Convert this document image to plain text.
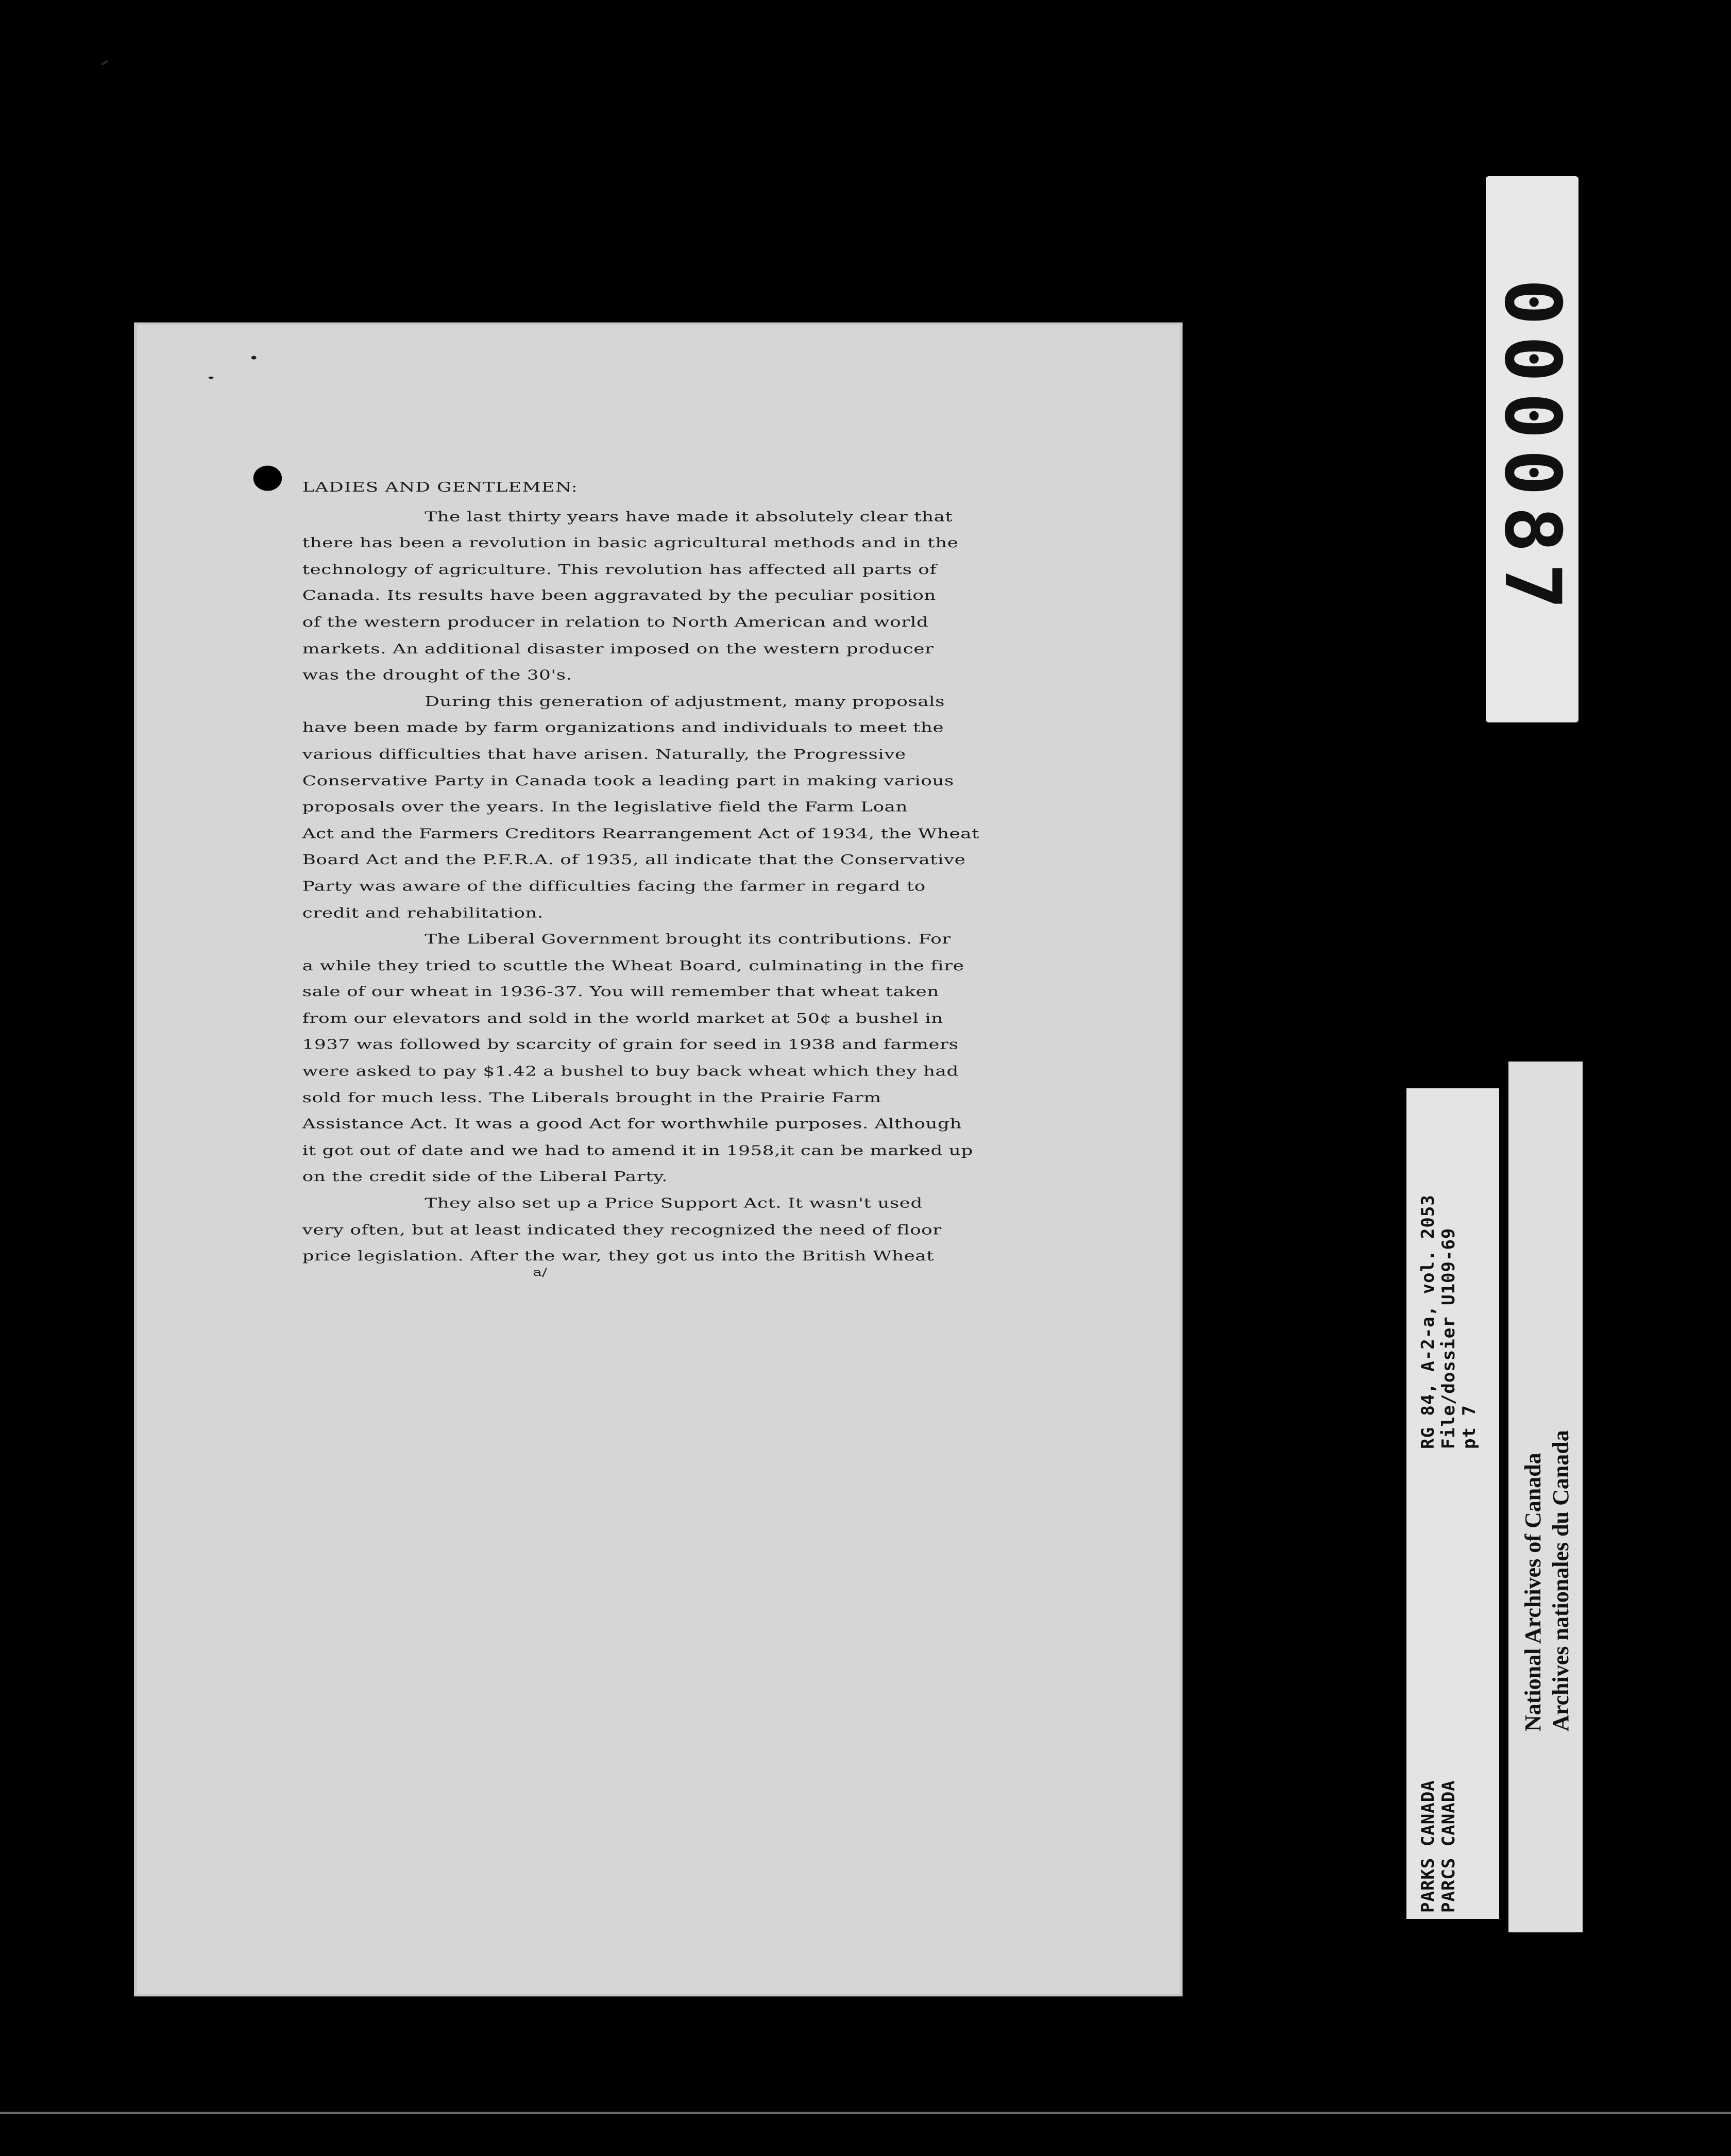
LADIES AND GENTLEMEN:
The last thirty years have made it absolutely clear that
there has been a revolution in basic agricultural methods and in the
technology of agriculture. This revolution has affected all parts of
Canada. Its results have been aggravated by the peculiar position
of the western producer in relation to North American and world
markets. An additional disaster imposed on the western producer
was the drought of the 30's.
During this generation of adjustment, many proposals
have been made by farm organizations and individuals to meet the
various difficulties that have arisen. Naturally, the Progressive
Conservative Party in Canada took a leading part in making various
proposals over the years. In the legislative field the Farm Loan
Act and the Farmers Creditors Rearrangement Act of 1934, the Wheat
Board Act and the P.F.R.A. of 1935, all indicate that the Conservative
Party was aware of the difficulties facing the farmer in regard to
credit and rehabilitation.
The Liberal Government brought its contributions. For
a while they tried to scuttle the Wheat Board, culminating in the fire
sale of our wheat in 1936-37. You will remember that wheat taken
from our elevators and sold in the world market at 50¢ a bushel in
1937 was followed by scarcity of grain for seed in 1938 and farmers
were asked to pay $1.42 a bushel to buy back wheat which they had
sold for much less. The Liberals brought in the Prairie Farm
Assistance Act. It was a good Act for worthwhile purposes. Although
it got out of date and we had to amend it in 1958,it can be marked up
on the credit side of the Liberal Party.
They also set up a Price Support Act. It wasn't used
very often, but at least indicated they recognized the need of floor
price legislation. After the war, they got us into the British Wheat
a/
000087
RG 84, A-2-a, vol. 2053 File/dossier U109-69 pt 7
PARKS CANADA PARCS CANADA
National Archives of Canada Archives nationales du Canada
